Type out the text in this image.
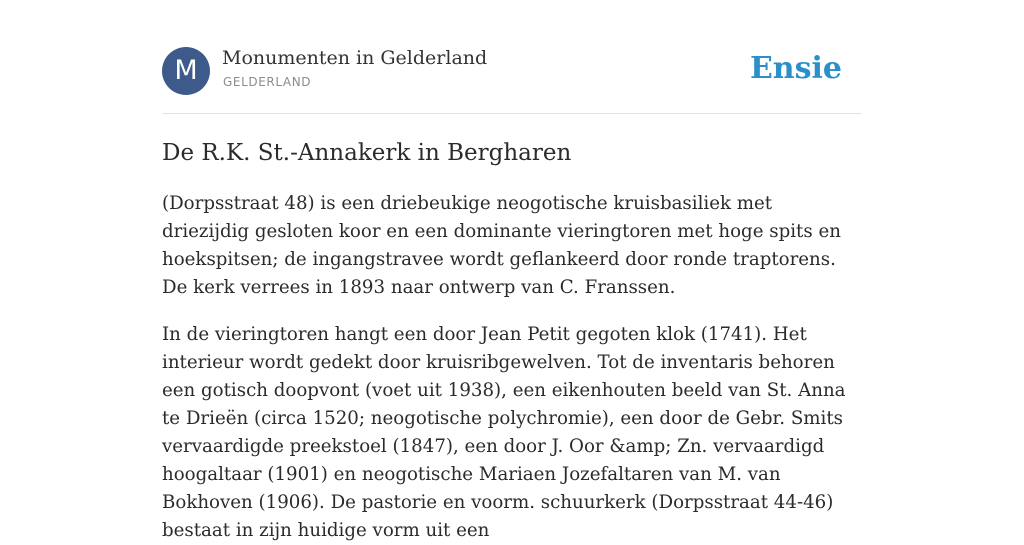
M	Monumenten in Gelderland
GELDERLAND	Ensie
De R.K. St.-Annakerk in Bergharen

(Dorpsstraat 48) is een driebeukige neogotische kruisbasiliek met driezijdig gesloten koor en een dominante vieringtoren met hoge spits en hoekspitsen; de ingangstravee wordt geflankeerd door ronde traptorens. De kerk verrees in 1893 naar ontwerp van C. Franssen.

In de vieringtoren hangt een door Jean Petit gegoten klok (1741). Het interieur wordt gedekt door kruisribgewelven. Tot de inventaris behoren een gotisch doopvont (voet uit 1938), een eikenhouten beeld van St. Anna te Drieën (circa 1520; neogotische polychromie), een door de Gebr. Smits vervaardigde preekstoel (1847), een door J. Oor &amp; Zn. vervaardigd hoogaltaar (1901) en neogotische Mariaen Jozefaltaren van M. van Bokhoven (1906). De pastorie en voorm. schuurkerk (Dorpsstraat 44-46) bestaat in zijn huidige vorm uit een
